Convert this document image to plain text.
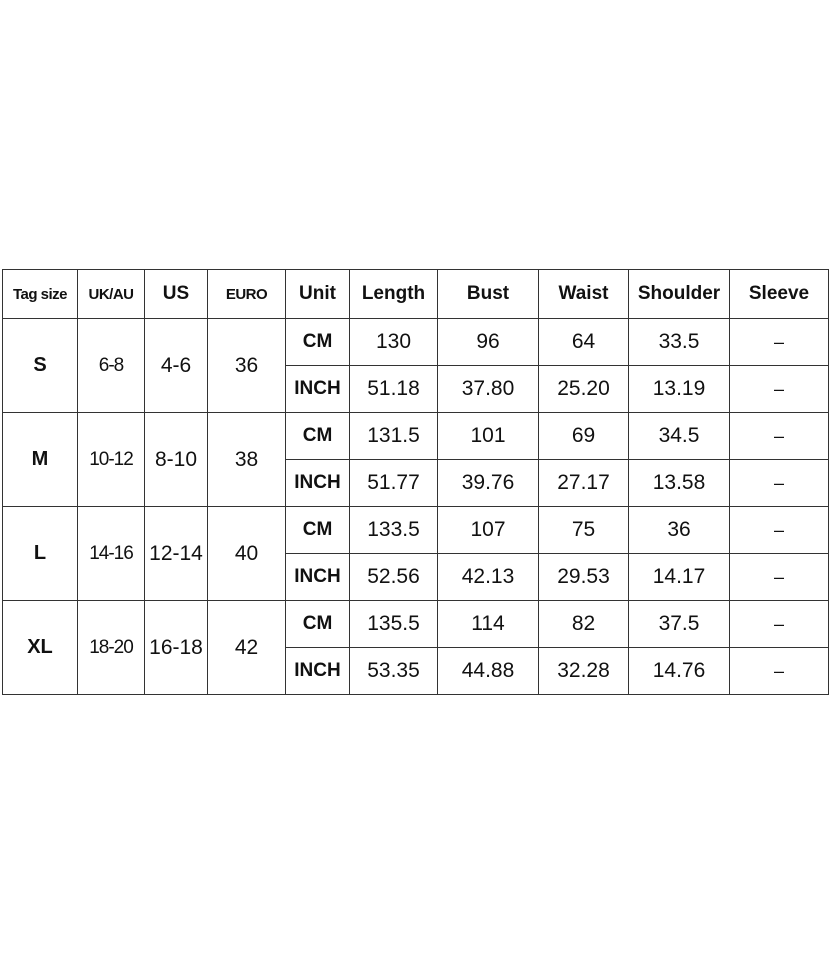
Tag size	UK/AU	US	EURO	Unit	Length	Bust	Waist	Shoulder	Sleeve
S	6-8	4-6	36	CM	130	96	64	33.5	–
				INCH	51.18	37.80	25.20	13.19	–
M	10-12	8-10	38	CM	131.5	101	69	34.5	–
				INCH	51.77	39.76	27.17	13.58	–
L	14-16	12-14	40	CM	133.5	107	75	36	–
				INCH	52.56	42.13	29.53	14.17	–
XL	18-20	16-18	42	CM	135.5	114	82	37.5	–
				INCH	53.35	44.88	32.28	14.76	–
